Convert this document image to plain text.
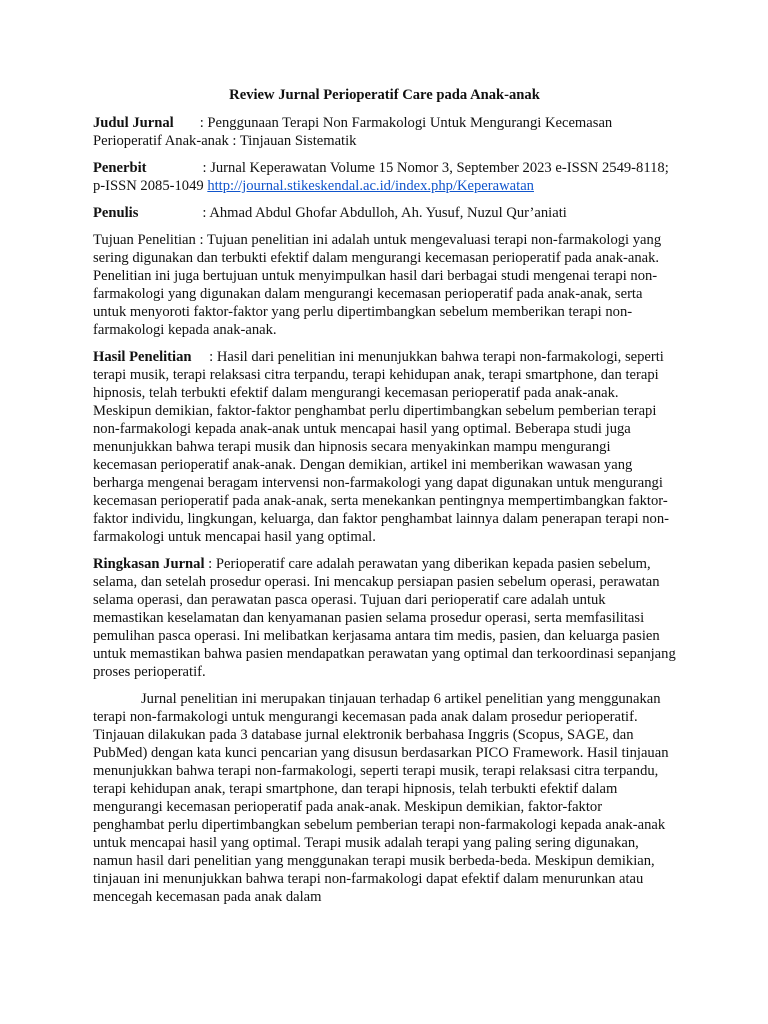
Review Jurnal Perioperatif Care pada Anak-anak

Judul Jurnal : Penggunaan Terapi Non Farmakologi Untuk Mengurangi Kecemasan Perioperatif Anak-anak : Tinjauan Sistematik

Penerbit	: Jurnal Keperawatan Volume 15 Nomor 3, September 2023 e-ISSN 2549-8118; p-ISSN 2085-1049 http://journal.stikeskendal.ac.id/index.php/Keperawatan

Penulis	: Ahmad Abdul Ghofar Abdulloh, Ah. Yusuf, Nuzul Qur’aniati

Tujuan Penelitian : Tujuan penelitian ini adalah untuk mengevaluasi terapi non-farmakologi yang sering digunakan dan terbukti efektif dalam mengurangi kecemasan perioperatif pada anak-anak. Penelitian ini juga bertujuan untuk menyimpulkan hasil dari berbagai studi mengenai terapi non-farmakologi yang digunakan dalam mengurangi kecemasan perioperatif pada anak-anak, serta untuk menyoroti faktor-faktor yang perlu dipertimbangkan sebelum memberikan terapi non-farmakologi kepada anak-anak.

Hasil Penelitian : Hasil dari penelitian ini menunjukkan bahwa terapi non-farmakologi, seperti terapi musik, terapi relaksasi citra terpandu, terapi kehidupan anak, terapi smartphone, dan terapi hipnosis, telah terbukti efektif dalam mengurangi kecemasan perioperatif pada anak-anak. Meskipun demikian, faktor-faktor penghambat perlu dipertimbangkan sebelum pemberian terapi non-farmakologi kepada anak-anak untuk mencapai hasil yang optimal. Beberapa studi juga menunjukkan bahwa terapi musik dan hipnosis secara menyakinkan mampu mengurangi kecemasan perioperatif anak-anak. Dengan demikian, artikel ini memberikan wawasan yang berharga mengenai beragam intervensi non-farmakologi yang dapat digunakan untuk mengurangi kecemasan perioperatif pada anak-anak, serta menekankan pentingnya mempertimbangkan faktor-faktor individu, lingkungan, keluarga, dan faktor penghambat lainnya dalam penerapan terapi non-farmakologi untuk mencapai hasil yang optimal.

Ringkasan Jurnal : Perioperatif care adalah perawatan yang diberikan kepada pasien sebelum, selama, dan setelah prosedur operasi. Ini mencakup persiapan pasien sebelum operasi, perawatan selama operasi, dan perawatan pasca operasi. Tujuan dari perioperatif care adalah untuk memastikan keselamatan dan kenyamanan pasien selama prosedur operasi, serta memfasilitasi pemulihan pasca operasi. Ini melibatkan kerjasama antara tim medis, pasien, dan keluarga pasien untuk memastikan bahwa pasien mendapatkan perawatan yang optimal dan terkoordinasi sepanjang proses perioperatif.

Jurnal penelitian ini merupakan tinjauan terhadap 6 artikel penelitian yang menggunakan terapi non-farmakologi untuk mengurangi kecemasan pada anak dalam prosedur perioperatif. Tinjauan dilakukan pada 3 database jurnal elektronik berbahasa Inggris (Scopus, SAGE, dan PubMed) dengan kata kunci pencarian yang disusun berdasarkan PICO Framework. Hasil tinjauan menunjukkan bahwa terapi non-farmakologi, seperti terapi musik, terapi relaksasi citra terpandu, terapi kehidupan anak, terapi smartphone, dan terapi hipnosis, telah terbukti efektif dalam mengurangi kecemasan perioperatif pada anak-anak. Meskipun demikian, faktor-faktor penghambat perlu dipertimbangkan sebelum pemberian terapi non-farmakologi kepada anak-anak untuk mencapai hasil yang optimal. Terapi musik adalah terapi yang paling sering digunakan, namun hasil dari penelitian yang menggunakan terapi musik berbeda-beda. Meskipun demikian, tinjauan ini menunjukkan bahwa terapi non-farmakologi dapat efektif dalam menurunkan atau mencegah kecemasan pada anak dalam
